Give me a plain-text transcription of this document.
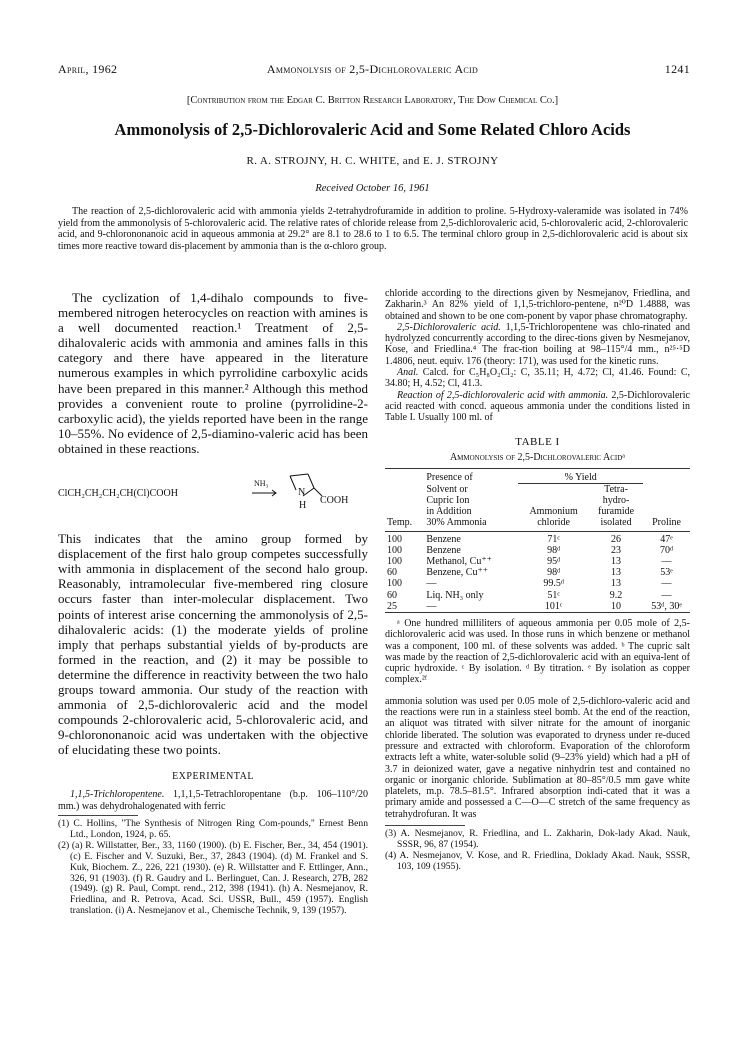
April, 1962	Ammonolysis of 2,5-Dichlorovaleric Acid	1241
[Contribution from the Edgar C. Britton Research Laboratory, The Dow Chemical Co.]
Ammonolysis of 2,5-Dichlorovaleric Acid and Some Related Chloro Acids
R. A. STROJNY, H. C. WHITE, and E. J. STROJNY
Received October 16, 1961

The reaction of 2,5-dichlorovaleric acid with ammonia yields 2-tetrahydrofuramide in addition to proline. 5-Hydroxy-valeramide was isolated in 74% yield from the ammonolysis of 5-chlorovaleric acid. The relative rates of chloride release from 2,5-dichlorovaleric acid, 5-chlorovaleric acid, 2-chlorovaleric acid, and 9-chlorononanoic acid in aqueous ammonia at 29.2° are 8.1 to 28.6 to 1 to 6.5. The terminal chloro group in 2,5-dichlorovaleric acid is about six times more reactive toward dis-placement by ammonia than is the α-chloro group.

The cyclization of 1,4-dihalo compounds to five-membered nitrogen heterocycles on reaction with amines is a well documented reaction.¹ Treatment of 2,5-dihalovaleric acids with ammonia and amines falls in this category and there have appeared in the literature numerous examples in which pyrrolidine carboxylic acids have been prepared in this manner.² Although this method provides a convenient route to proline (pyrrolidine-2-carboxylic acid), the yields reported have been in the range 10–55%. No evidence of 2,5-diamino-valeric acid has been obtained in these reactions.

ClCH₂CH₂CH₂CH(Cl)COOH
NH₃
N
H COOH

This indicates that the amino group formed by displacement of the first halo group competes successfully with ammonia in displacement of the second halo group. Reasonably, intramolecular five-membered ring closure occurs faster than inter-molecular displacement. Two points of interest arise concerning the ammonolysis of 2,5-dihalovaleric acids: (1) the moderate yields of proline imply that perhaps substantial yields of by-products are formed in the reaction, and (2) it may be possible to determine the difference in reactivity between the two halo groups toward ammonia. Our study of the reaction with ammonia of 2,5-dichlorovaleric acid and the model compounds 2-chlorovaleric acid, 5-chlorovaleric acid, and 9-chlorononanoic acid was undertaken with the objective of elucidating these two points.

EXPERIMENTAL

1,1,5-Trichloropentene. 1,1,1,5-Tetrachloropentane (b.p. 106–110°/20 mm.) was dehydrohalogenated with ferric

(1) C. Hollins, "The Synthesis of Nitrogen Ring Com-pounds," Ernest Benn Ltd., London, 1924, p. 65.

(2) (a) R. Willstatter, Ber., 33, 1160 (1900). (b) E. Fischer, Ber., 34, 454 (1901). (c) E. Fischer and V. Suzuki, Ber., 37, 2843 (1904). (d) M. Frankel and S. Kuk, Biochem. Z., 226, 221 (1930). (e) R. Willstatter and F. Ettlinger, Ann., 326, 91 (1903). (f) R. Gaudry and L. Berlinguet, Can. J. Research, 27B, 282 (1949). (g) R. Paul, Compt. rend., 212, 398 (1941). (h) A. Nesmejanov, R. Friedlina, and R. Petrova, Acad. Sci. USSR, Bull., 459 (1957). English translation. (i) A. Nesmejanov et al., Chemische Technik, 9, 139 (1957).

chloride according to the directions given by Nesmejanov, Friedlina, and Zakharin.³ An 82% yield of 1,1,5-trichloro-pentene, n²⁰D 1.4888, was obtained and shown to be one com-ponent by vapor phase chromatography.

2,5-Dichlorovaleric acid. 1,1,5-Trichloropentene was chlo-rinated and hydrolyzed concurrently according to the direc-tions given by Nesmejanov, Kose, and Friedlina.⁴ The frac-tion boiling at 98–115°/4 mm., n²⁵·⁵D 1.4806, neut. equiv. 176 (theory: 171), was used for the kinetic runs.

Anal. Calcd. for C₅H₈O₂Cl₂: C, 35.11; H, 4.72; Cl, 41.46. Found: C, 34.80; H, 4.52; Cl, 41.3.

Reaction of 2,5-dichlorovaleric acid with ammonia. 2,5-Dichlorovaleric acid reacted with concd. aqueous ammonia under the conditions listed in Table I. Usually 100 ml. of

TABLE I
Ammonolysis of 2,5-Dichlorovaleric Acidᵃ
	Presence of	% Yield		
	Solvent or		Tetra-	
	Cupric Ion		hydro-	
	in Addition	Ammonium	furamide	
Temp.	30% Ammonia	chloride	isolated	Proline
100	Benzene	71ᶜ	26	47ᵉ
100	Benzene	98ᵈ	23	70ᵈ
100	Methanol, Cu⁺⁺	95ᵈ	13	—
60	Benzene, Cu⁺⁺	98ᵈ	13	53ᵉ
100	—	99.5ᵈ	13	—
60	Liq. NH₃ only	51ᶜ	9.2	—
25	—	101ᶜ	10	53ᵈ, 30ᵉ

ᵃ One hundred milliliters of aqueous ammonia per 0.05 mole of 2,5-dichlorovaleric acid was used. In those runs in which benzene or methanol was a component, 100 ml. of these solvents was added. ᵇ The cupric salt was made by the reaction of 2,5-dichlorovaleric acid with an equiva-lent of cupric hydroxide. ᶜ By isolation. ᵈ By titration. ᵉ By isolation as copper complex.²ᶠ

ammonia solution was used per 0.05 mole of 2,5-dichloro-valeric acid and the reactions were run in a stainless steel bomb. At the end of the reaction, an aliquot was titrated with silver nitrate for the amount of inorganic chloride liberated. The solution was evaporated to dryness under re-duced pressure and extracted with chloroform. Evaporation of the chloroform extracts left a white, water-soluble solid (9–23% yield) which had a pH of 3.7 in deionized water, gave a negative ninhydrin test and contained no organic or inorganic chloride. Sublimation at 80–85°/0.5 mm gave white platelets, m.p. 78.5–81.5°. Infrared absorption indi-cated that it was a primary amide and possessed a C—O—C stretch of the same frequency as tetrahydrofuran. It was

(3) A. Nesmejanov, R. Friedlina, and L. Zakharin, Dok-lady Akad. Nauk, SSSR, 96, 87 (1954).

(4) A. Nesmejanov, V. Kose, and R. Friedlina, Doklady Akad. Nauk, SSSR, 103, 109 (1955).
